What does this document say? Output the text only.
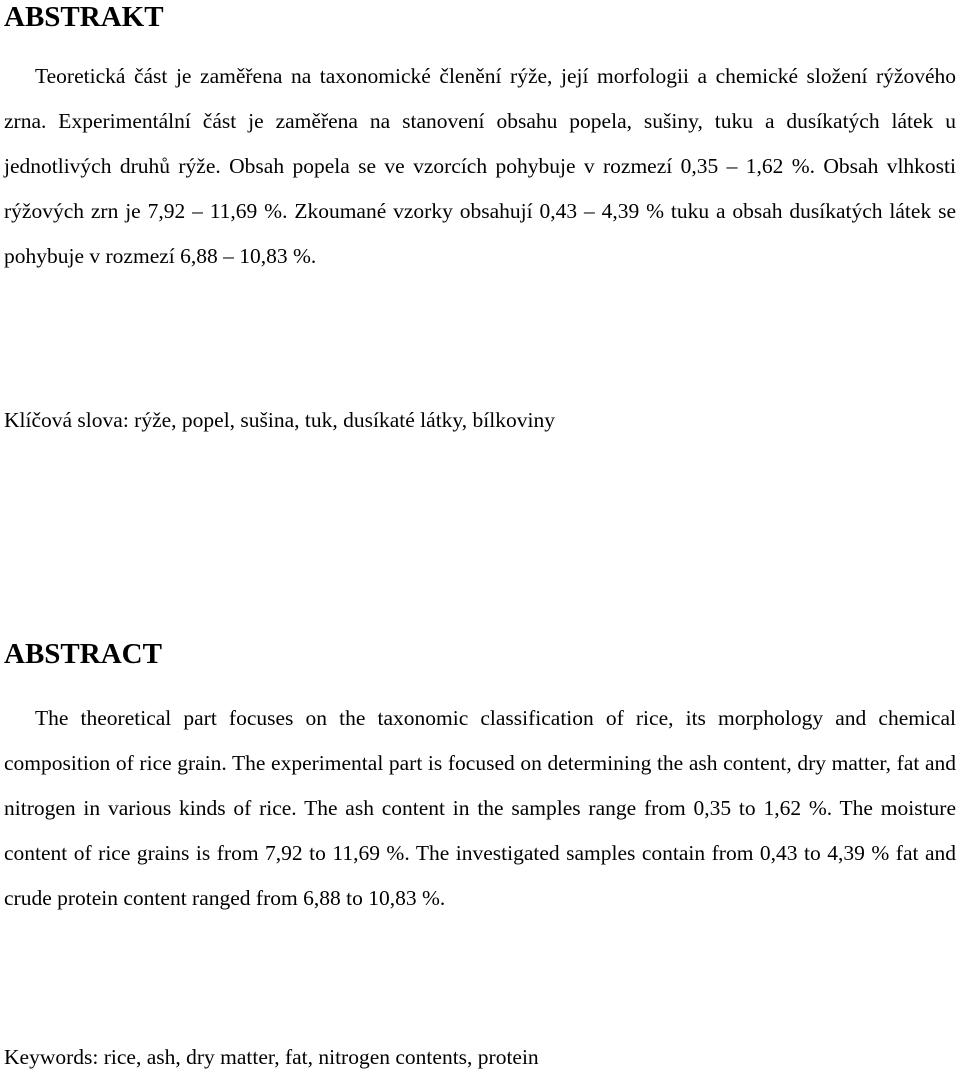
ABSTRAKT

Teoretická část je zaměřena na taxonomické členění rýže, její morfologii a chemické složení rýžového zrna. Experimentální část je zaměřena na stanovení obsahu popela, sušiny, tuku a dusíkatých látek u jednotlivých druhů rýže. Obsah popela se ve vzorcích pohybuje v rozmezí 0,35 – 1,62 %. Obsah vlhkosti rýžových zrn je 7,92 – 11,69 %. Zkoumané vzorky obsahují 0,43 – 4,39 % tuku a obsah dusíkatých látek se pohybuje v rozmezí 6,88 – 10,83 %.

Klíčová slova: rýže, popel, sušina, tuk, dusíkaté látky, bílkoviny

ABSTRACT

The theoretical part focuses on the taxonomic classification of rice, its morphology and chemical composition of rice grain. The experimental part is focused on determining the ash content, dry matter, fat and nitrogen in various kinds of rice. The ash content in the samples range from 0,35 to 1,62 %. The moisture content of rice grains is from 7,92 to 11,69 %. The investigated samples contain from 0,43 to 4,39 % fat and crude protein content ranged from 6,88 to 10,83 %.

Keywords: rice, ash, dry matter, fat, nitrogen contents, protein
